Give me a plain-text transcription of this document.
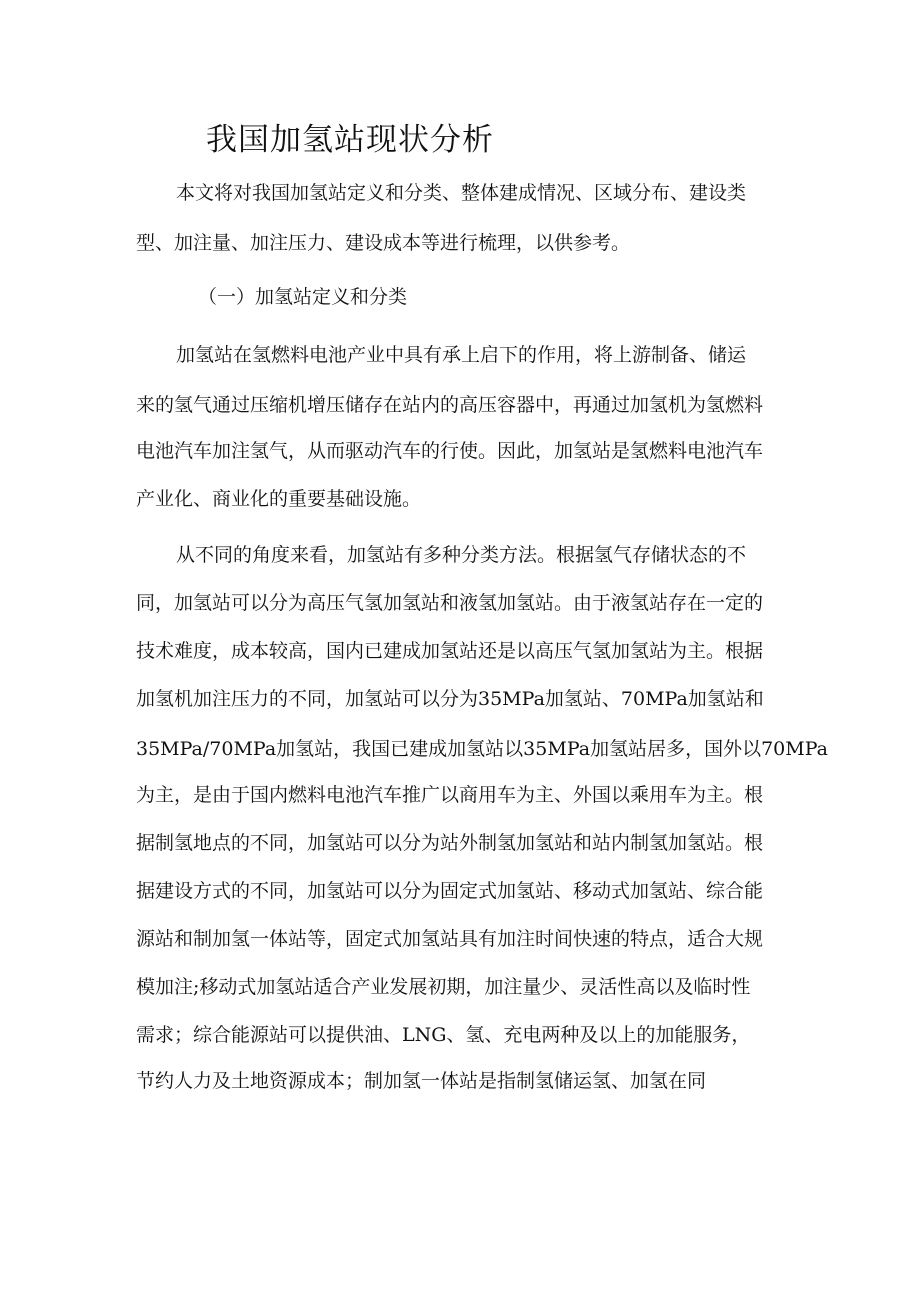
我国加氢站现状分析
本文将对我国加氢站定义和分类、整体建成情况、区域分布、建设类
型、加注量、加注压力、建设成本等进行梳理，以供参考。
（一）加氢站定义和分类
加氢站在氢燃料电池产业中具有承上启下的作用，将上游制备、储运
来的氢气通过压缩机增压储存在站内的高压容器中，再通过加氢机为氢燃料
电池汽车加注氢气，从而驱动汽车的行使。因此，加氢站是氢燃料电池汽车
产业化、商业化的重要基础设施。
从不同的角度来看，加氢站有多种分类方法。根据氢气存储状态的不
同，加氢站可以分为高压气氢加氢站和液氢加氢站。由于液氢站存在一定的
技术难度，成本较高，国内已建成加氢站还是以高压气氢加氢站为主。根据
加氢机加注压力的不同，加氢站可以分为35MPa加氢站、70MPa加氢站和
35MPa/70MPa加氢站，我国已建成加氢站以35MPa加氢站居多，国外以70MPa
为主，是由于国内燃料电池汽车推广以商用车为主、外国以乘用车为主。根
据制氢地点的不同，加氢站可以分为站外制氢加氢站和站内制氢加氢站。根
据建设方式的不同，加氢站可以分为固定式加氢站、移动式加氢站、综合能
源站和制加氢一体站等，固定式加氢站具有加注时间快速的特点，适合大规
模加注;移动式加氢站适合产业发展初期，加注量少、灵活性高以及临时性
需求；综合能源站可以提供油、LNG、氢、充电两种及以上的加能服务，
节约人力及土地资源成本；制加氢一体站是指制氢储运氢、加氢在同
